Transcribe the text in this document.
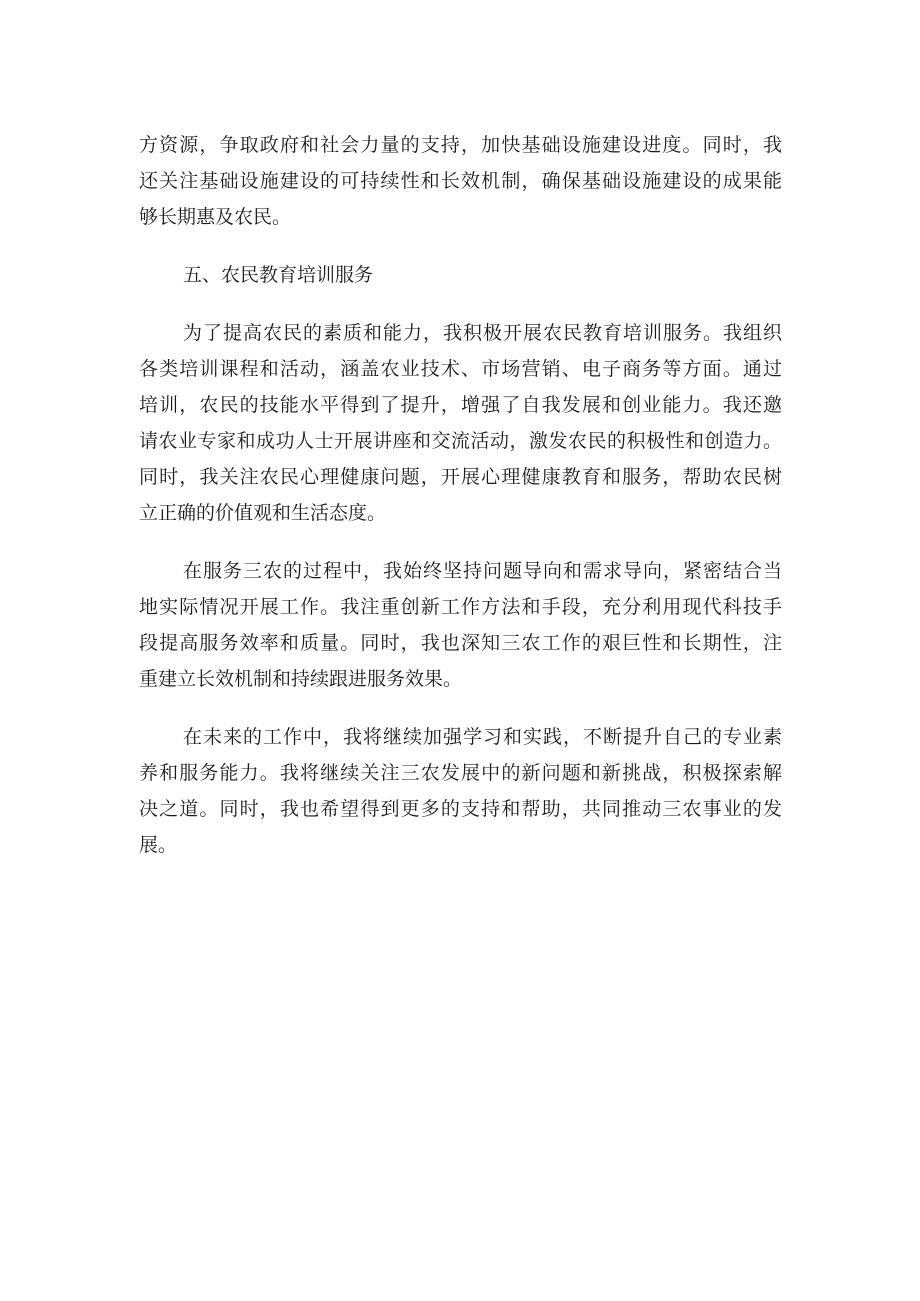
方资源，争取政府和社会力量的支持，加快基础设施建设进度。同时，我
还关注基础设施建设的可持续性和长效机制，确保基础设施建设的成果能
够长期惠及农民。
五、农民教育培训服务
为了提高农民的素质和能力，我积极开展农民教育培训服务。我组织
各类培训课程和活动，涵盖农业技术、市场营销、电子商务等方面。通过
培训，农民的技能水平得到了提升，增强了自我发展和创业能力。我还邀
请农业专家和成功人士开展讲座和交流活动，激发农民的积极性和创造力。
同时，我关注农民心理健康问题，开展心理健康教育和服务，帮助农民树
立正确的价值观和生活态度。
在服务三农的过程中，我始终坚持问题导向和需求导向，紧密结合当
地实际情况开展工作。我注重创新工作方法和手段，充分利用现代科技手
段提高服务效率和质量。同时，我也深知三农工作的艰巨性和长期性，注
重建立长效机制和持续跟进服务效果。
在未来的工作中，我将继续加强学习和实践，不断提升自己的专业素
养和服务能力。我将继续关注三农发展中的新问题和新挑战，积极探索解
决之道。同时，我也希望得到更多的支持和帮助，共同推动三农事业的发
展。
